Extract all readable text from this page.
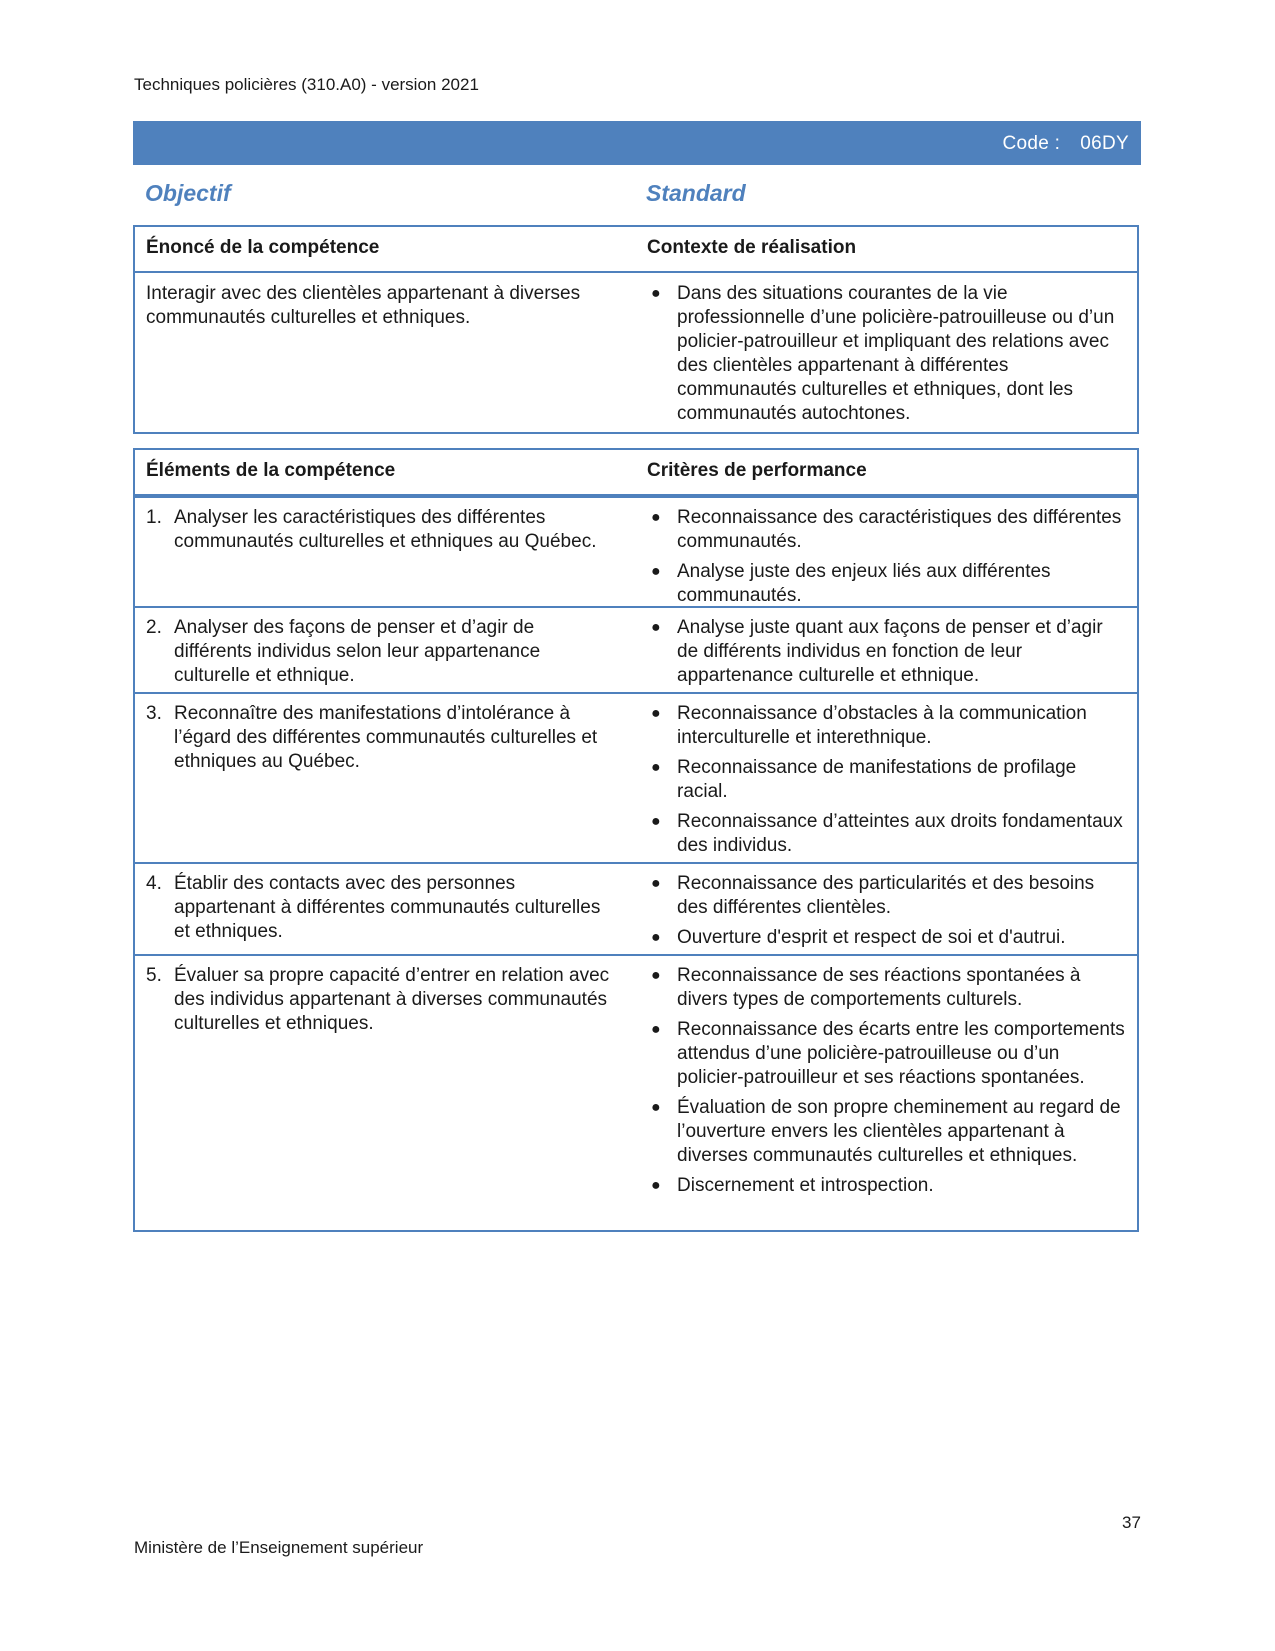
Techniques policières (310.A0) - version 2021
Code : 06DY
Objectif	Standard
Énoncé de la compétence	Contexte de réalisation
Interagir avec des clientèles appartenant à diverses communautés culturelles et ethniques.
● Dans des situations courantes de la vie professionnelle d’une policière-patrouilleuse ou d’un policier-patrouilleur et impliquant des relations avec des clientèles appartenant à différentes communautés culturelles et ethniques, dont les communautés autochtones.
Éléments de la compétence	Critères de performance
1. Analyser les caractéristiques des différentes communautés culturelles et ethniques au Québec.
● Reconnaissance des caractéristiques des différentes communautés.
● Analyse juste des enjeux liés aux différentes communautés.
2. Analyser des façons de penser et d’agir de différents individus selon leur appartenance culturelle et ethnique.
● Analyse juste quant aux façons de penser et d’agir de différents individus en fonction de leur appartenance culturelle et ethnique.
3. Reconnaître des manifestations d’intolérance à l’égard des différentes communautés culturelles et ethniques au Québec.
● Reconnaissance d’obstacles à la communication interculturelle et interethnique.
● Reconnaissance de manifestations de profilage racial.
● Reconnaissance d’atteintes aux droits fondamentaux des individus.
4. Établir des contacts avec des personnes appartenant à différentes communautés culturelles et ethniques.
● Reconnaissance des particularités et des besoins des différentes clientèles.
● Ouverture d'esprit et respect de soi et d'autrui.
5. Évaluer sa propre capacité d’entrer en relation avec des individus appartenant à diverses communautés culturelles et ethniques.
● Reconnaissance de ses réactions spontanées à divers types de comportements culturels.
● Reconnaissance des écarts entre les comportements attendus d’une policière-patrouilleuse ou d’un policier-patrouilleur et ses réactions spontanées.
● Évaluation de son propre cheminement au regard de l’ouverture envers les clientèles appartenant à diverses communautés culturelles et ethniques.
● Discernement et introspection.
37
Ministère de l’Enseignement supérieur
